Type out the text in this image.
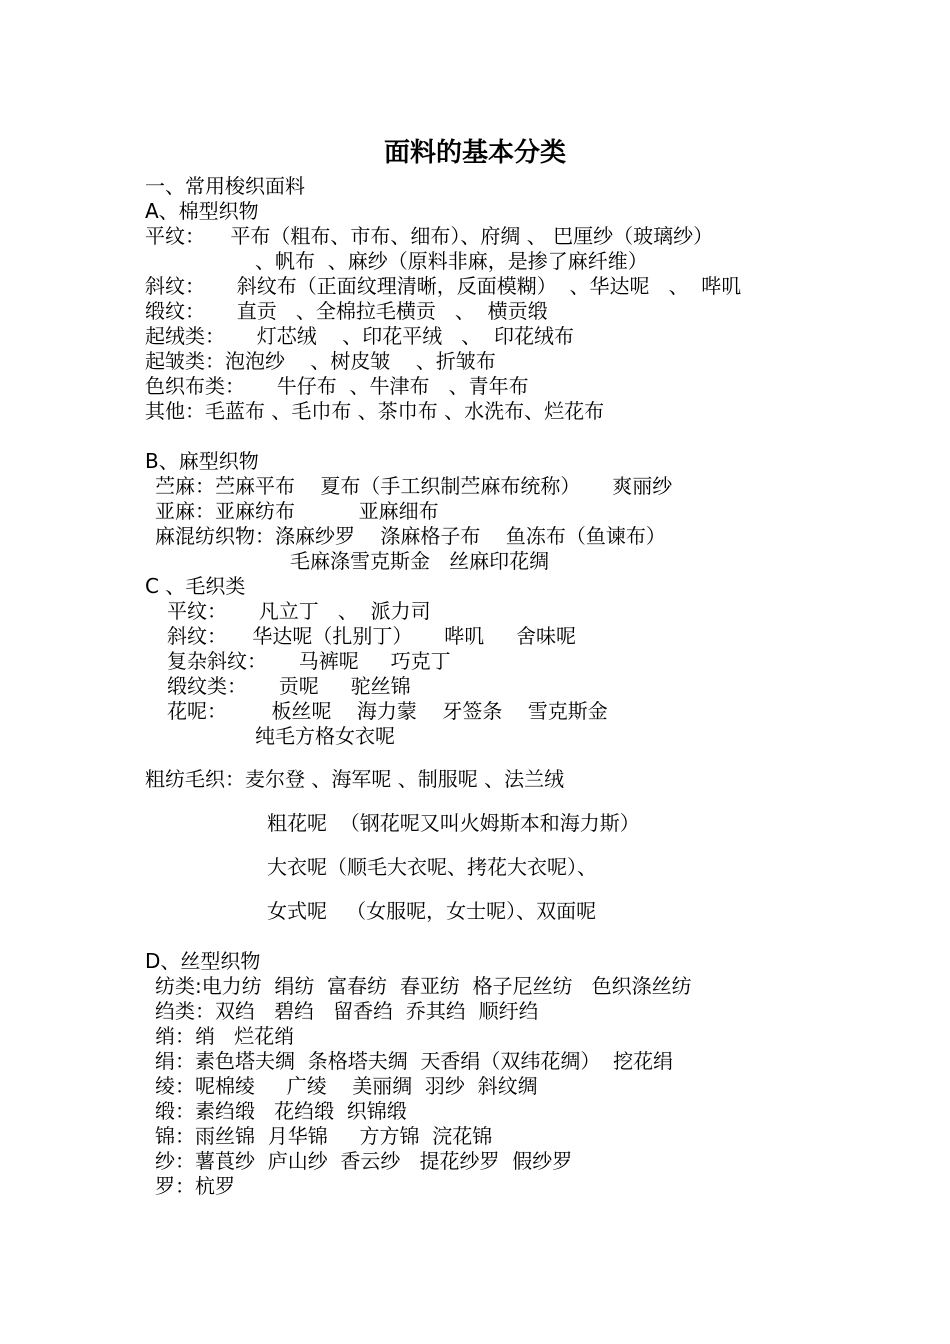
面料的基本分类
一、常用梭织面料
A、棉型织物
平纹：    平布（粗布、市布、细布）、府绸 、 巴厘纱（玻璃纱）
、帆布  、麻纱（原料非麻，是掺了麻纤维）
斜纹：     斜纹布（正面纹理清晰，反面模糊）  、华达呢   、  哔叽
缎纹：     直贡   、全棉拉毛横贡   、  横贡缎
起绒类：     灯芯绒    、印花平绒   、  印花绒布
起皱类：泡泡纱    、树皮皱    、折皱布
色织布类：     牛仔布  、牛津布   、青年布
其他：毛蓝布 、毛巾布 、茶巾布 、水洗布、烂花布
B、麻型织物
苎麻：苎麻平布    夏布（手工织制苎麻布统称）     爽丽纱
亚麻：亚麻纺布          亚麻细布
麻混纺织物：涤麻纱罗    涤麻格子布    鱼冻布（鱼谏布）
毛麻涤雪克斯金   丝麻印花绸
C 、毛织类
平纹：     凡立丁   、  派力司
斜纹：    华达呢（扎别丁）     哔叽     舍味呢
复杂斜纹：     马裤呢     巧克丁
缎纹类：     贡呢     驼丝锦
花呢：       板丝呢    海力蒙    牙签条    雪克斯金
纯毛方格女衣呢
粗纺毛织：麦尔登 、海军呢 、制服呢 、法兰绒
粗花呢  （钢花呢又叫火姆斯本和海力斯）
大衣呢（顺毛大衣呢、拷花大衣呢）、
女式呢   （女服呢，女士呢）、双面呢
D、丝型织物
纺类:电力纺  绢纺  富春纺  春亚纺  格子尼丝纺   色织涤丝纺
绉类：双绉   碧绉   留香绉  乔其绉  顺纡绉
绡：绡   烂花绡
绢：素色塔夫绸  条格塔夫绸  天香绢（双纬花绸）  挖花绢
绫：呢棉绫     广绫    美丽绸  羽纱  斜纹绸
缎：素绉缎   花绉缎  织锦缎
锦：雨丝锦  月华锦     方方锦  浣花锦
纱：薯莨纱  庐山纱  香云纱   提花纱罗  假纱罗
罗：杭罗
